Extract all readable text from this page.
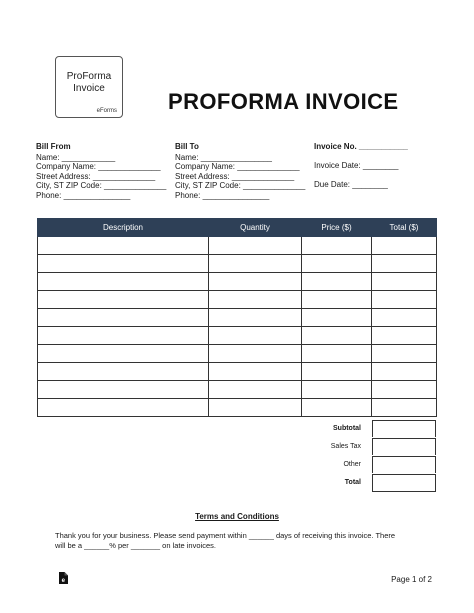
ProForma
Invoice
eForms PROFORMA INVOICE
Bill From
Name: ____________
Company Name: ______________
Street Address: ______________
City, ST ZIP Code: ______________
Phone: _______________
Bill To
Name: ________________
Company Name: ______________
Street Address: ______________
City, ST ZIP Code: ______________
Phone: _______________
Invoice No. ___________
Invoice Date: ________
Due Date: ________
Description	Quantity	Price ($)	Total ($)

Subtotal
Sales Tax
Other
Total
Terms and Conditions
Thank you for your business. Please send payment within ______ days of receiving this invoice. There
will be a ______% per _______ on late invoices.
e	Page 1 of 2
